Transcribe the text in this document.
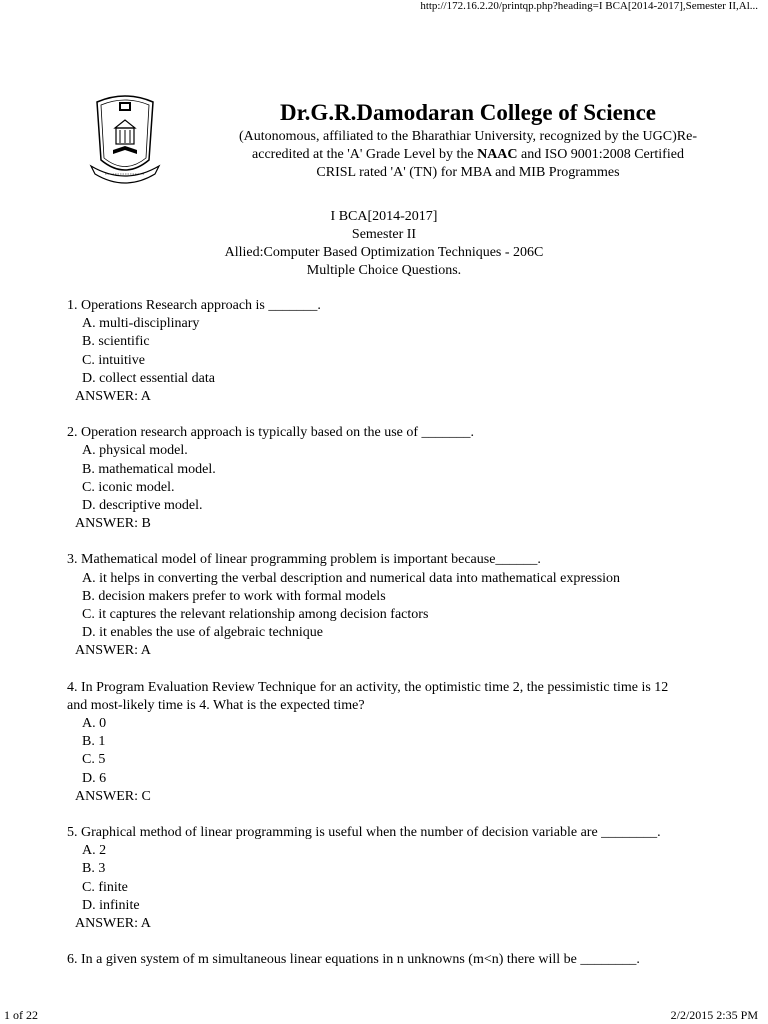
http://172.16.2.20/printqp.php?heading=I BCA[2014-2017],Semester II,Al...
Dr.G.R.Damodaran College of Science
(Autonomous, affiliated to the Bharathiar University, recognized by the UGC)Re-
accredited at the 'A' Grade Level by the NAAC and ISO 9001:2008 Certified
CRISL rated 'A' (TN) for MBA and MIB Programmes
I BCA[2014-2017]
Semester II
Allied:Computer Based Optimization Techniques - 206C
Multiple Choice Questions.
1. Operations Research approach is _______.
A. multi-disciplinary
B. scientific
C. intuitive
D. collect essential data
ANSWER: A
2. Operation research approach is typically based on the use of _______.
A. physical model.
B. mathematical model.
C. iconic model.
D. descriptive model.
ANSWER: B
3. Mathematical model of linear programming problem is important because______.
A. it helps in converting the verbal description and numerical data into mathematical expression
B. decision makers prefer to work with formal models
C. it captures the relevant relationship among decision factors
D. it enables the use of algebraic technique
ANSWER: A
4. In Program Evaluation Review Technique for an activity, the optimistic time 2, the pessimistic time is 12
and most-likely time is 4. What is the expected time?
A. 0
B. 1
C. 5
D. 6
ANSWER: C
5. Graphical method of linear programming is useful when the number of decision variable are ________.
A. 2
B. 3
C. finite
D. infinite
ANSWER: A
6. In a given system of m simultaneous linear equations in n unknowns (m<n) there will be ________.
1 of 22	2/2/2015 2:35 PM
